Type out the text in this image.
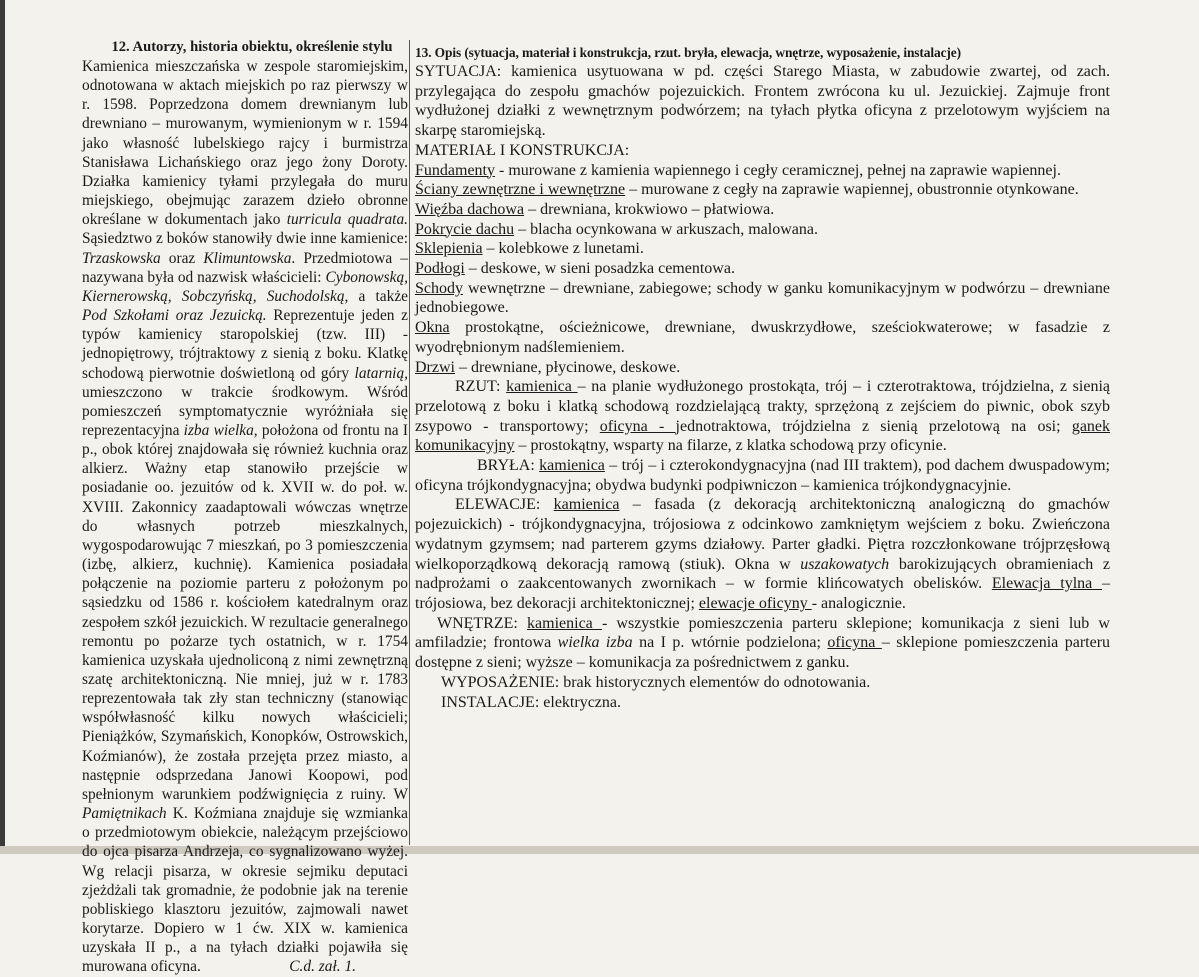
12. Autorzy, historia obiektu, określenie stylu
Kamienica mieszczańska w zespole staromiejskim, odnotowana w aktach miejskich po raz pierwszy w r. 1598. Poprzedzona domem drewnianym lub drewniano – murowanym, wymienionym w r. 1594 jako własność lubelskiego rajcy i burmistrza Stanisława Lichańskiego oraz jego żony Doroty. Działka kamienicy tyłami przylegała do muru miejskiego, obejmując zarazem dzieło obronne określane w dokumentach jako turricula quadrata. Sąsiedztwo z boków stanowiły dwie inne kamienice: Trzaskowska oraz Klimuntowska. Przedmiotowa – nazywana była od nazwisk właścicieli: Cybonowską, Kiernerowską, Sobczyńską, Suchodolską, a także Pod Szkołami oraz Jezuicką. Reprezentuje jeden z typów kamienicy staropolskiej (tzw. III) - jednopiętrowy, trójtraktowy z sienią z boku. Klatkę schodową pierwotnie doświetloną od góry latarnią, umieszczono w trakcie środkowym. Wśród pomieszczeń symptomatycznie wyróżniała się reprezentacyjna izba wielka, położona od frontu na I p., obok której znajdowała się również kuchnia oraz alkierz. Ważny etap stanowiło przejście w posiadanie oo. jezuitów od k. XVII w. do poł. w. XVIII. Zakonnicy zaadaptowali wówczas wnętrze do własnych potrzeb mieszkalnych, wygospodarowując 7 mieszkań, po 3 pomieszczenia (izbę, alkierz, kuchnię). Kamienica posiadała połączenie na poziomie parteru z położonym po sąsiedzku od 1586 r. kościołem katedralnym oraz zespołem szkół jezuickich. W rezultacie generalnego remontu po pożarze tych ostatnich, w r. 1754 kamienica uzyskała ujednoliconą z nimi zewnętrzną szatę architektoniczną. Nie mniej, już w r. 1783 reprezentowała tak zły stan techniczny (stanowiąc współwłasność kilku nowych właścicieli; Pieniążków, Szymańskich, Konopków, Ostrowskich, Koźmianów), że została przejęta przez miasto, a następnie odsprzedana Janowi Koopowi, pod spełnionym warunkiem podźwignięcia z ruiny. W Pamiętnikach K. Koźmiana znajduje się wzmianka o przedmiotowym obiekcie, należącym przejściowo do ojca pisarza Andrzeja, co sygnalizowano wyżej. Wg relacji pisarza, w okresie sejmiku deputaci zjeżdżali tak gromadnie, że podobnie jak na terenie pobliskiego klasztoru jezuitów, zajmowali nawet korytarze. Dopiero w 1 ćw. XIX w. kamienica uzyskała II p., a na tyłach działki pojawiła się murowana oficyna.	C.d. zał. 1.
13. Opis (sytuacja, materiał i konstrukcja, rzut. bryła, elewacja, wnętrze, wyposażenie, instalacje)

SYTUACJA: kamienica usytuowana w pd. części Starego Miasta, w zabudowie zwartej, od zach. przylegająca do zespołu gmachów pojezuickich. Frontem zwrócona ku ul. Jezuickiej. Zajmuje front wydłużonej działki z wewnętrznym podwórzem; na tyłach płytka oficyna z przelotowym wyjściem na skarpę staromiejską.

MATERIAŁ I KONSTRUKCJA:

Fundamenty - murowane z kamienia wapiennego i cegły ceramicznej, pełnej na zaprawie wapiennej.

Ściany zewnętrzne i wewnętrzne – murowane z cegły na zaprawie wapiennej, obustronnie otynkowane.

Więźba dachowa – drewniana, krokwiowo – płatwiowa.

Pokrycie dachu – blacha ocynkowana w arkuszach, malowana.

Sklepienia – kolebkowe z lunetami.

Podłogi – deskowe, w sieni posadzka cementowa.

Schody wewnętrzne – drewniane, zabiegowe; schody w ganku komunikacyjnym w podwórzu – drewniane jednobiegowe.

Okna prostokątne, ościeżnicowe, drewniane, dwuskrzydłowe, sześciokwaterowe; w fasadzie z wyodrębnionym nadślemieniem.

Drzwi – drewniane, płycinowe, deskowe.

RZUT: kamienica – na planie wydłużonego prostokąta, trój – i czterotraktowa, trójdzielna, z sienią przelotową z boku i klatką schodową rozdzielającą trakty, sprzężoną z zejściem do piwnic, obok szyb zsypowo - transportowy; oficyna - jednotraktowa, trójdzielna z sienią przelotową na osi; ganek komunikacyjny – prostokątny, wsparty na filarze, z klatka schodową przy oficynie.

BRYŁA: kamienica – trój – i czterokondygnacyjna (nad III traktem), pod dachem dwuspadowym; oficyna trójkondygnacyjna; obydwa budynki podpiwniczon – kamienica trójkondygnacyjnie.

ELEWACJE: kamienica – fasada (z dekoracją architektoniczną analogiczną do gmachów pojezuickich) - trójkondygnacyjna, trójosiowa z odcinkowo zamkniętym wejściem z boku. Zwieńczona wydatnym gzymsem; nad parterem gzyms działowy. Parter gładki. Piętra rozczłonkowane trójprzęsłową wielkoporządkową dekoracją ramową (stiuk). Okna w uszakowatych barokizujących obramieniach z nadprożami o zaakcentowanych zwornikach – w formie klińcowatych obelisków. Elewacja tylna – trójosiowa, bez dekoracji architektonicznej; elewacje oficyny - analogicznie.

WNĘTRZE: kamienica - wszystkie pomieszczenia parteru sklepione; komunikacja z sieni lub w amfiladzie; frontowa wielka izba na I p. wtórnie podzielona; oficyna – sklepione pomieszczenia parteru dostępne z sieni; wyższe – komunikacja za pośrednictwem z ganku.

WYPOSAŻENIE: brak historycznych elementów do odnotowania.

INSTALACJE: elektryczna.
